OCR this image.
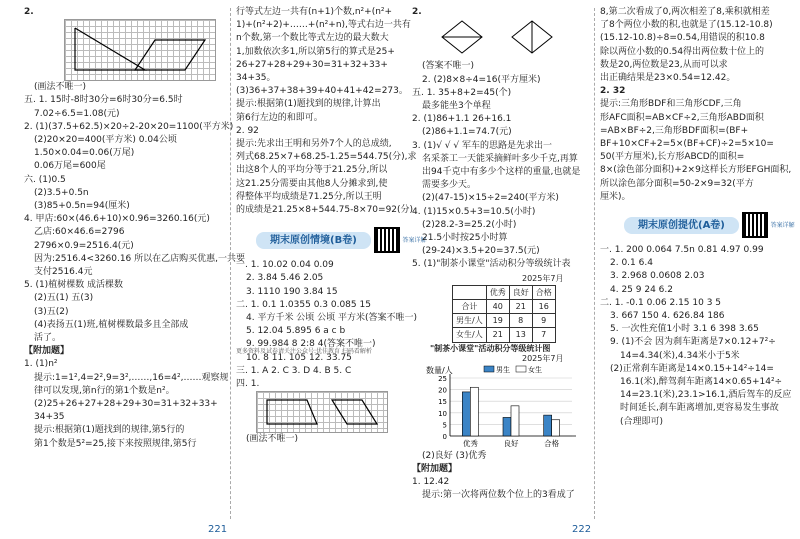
2.
(画法不唯一)
五. 1. 15时-8时30分=6时30分=6.5时
7.02÷6.5=1.08(元)
2. (1)(37.5+62.5)×20÷2-20×20=1100(平方米)
(2)20×20=400(平方米) 0.04公顷
1.50×0.04=0.06(万尾)
0.06万尾=600尾
六. (1)0.5
(2)3.5+0.5n
(3)85+0.5n=94(厘米)
4. 甲店:60×(46.6+10)×0.96=3260.16(元)
乙店:60×46.6=2796
2796×0.9=2516.4(元)
因为:2516.4<3260.16 所以在乙店购买优惠,一共要
支付2516.4元
5. (1)植树棵数 成活棵数
(2)五(1) 五(3)
(3)五(2)
(4)表扬五(1)班,植树棵数最多且全部成
活了。
【附加题】
1. (1)n²
提示:1=1²,4=2²,9=3²,……,16=4²,……观察规
律可以发现,第n行的第1个数是n²。
(2)25+26+27+28+29+30=31+32+33+
34+35
提示:根据第(1)题找到的规律,第5行的
第1个数是5²=25,接下来按照规律,第5行
行等式左边一共有(n+1)个数,n²+(n²+
1)+(n²+2)+……+(n²+n),等式右边一共有
n个数,第一个数比等式左边的最大数大
1,加数依次多1,所以第5行的算式是25+
26+27+28+29+30=31+32+33+
34+35。
(3)36+37+38+39+40+41+42=273。
提示:根据第(1)题找到的规律,计算出
第6行左边的和即可。
2. 92
提示:先求出王明和另外7个人的总成绩,
列式68.25×7+68.25-1.25=544.75(分),求
出这8个人的平均分等于21.25分,所以
这21.25分需要由其他8人分摊求到,使
得整体平均成绩是71.25分,所以王明
的成绩是21.25×8+544.75-8×70=92(分)
期末原创情境(B卷)	答案详解
一. 1. 10.02 0.04 0.09
2. 3.84 5.46 2.05
3. 1110 190 3.84 15
二. 1. 0.1 1.0355 0.3 0.085 15
4. 平方千米 公顷 公顷 平方米(答案不唯一)
5. 12.04 5.895 6 a c b
9. 99.984 8 2:8 4(答案不唯一)
10. 8 11. 105 12. 33.75
三. 1. A 2. C 3. D 4. B 5. C
四. 1.
(画法不唯一)
更多资料及试卷请关注公众号:优佳教育 扫码看解析
221
2.
(答案不唯一)
2. (2)8×8÷4=16(平方厘米)
五. 1. 35+8+2=45(个)
最多能坐3个单程
2. (1)86+1.1 26+16.1
(2)86+1.1=74.7(元)
3. (1)√ √ √ 军车的思路是先求出一
名采茶工一天能采摘鲜叶多少千克,再算
出94千克中有多少个这样的重量,也就是
需要多少天。
(2)(47-15)×15÷2=240(平方米)
4. (1)15×0.5+3=10.5(小时)
(2)28.2-3=25.2(小时)
21.5小时按25小时算
(29-24)×3.5+20=37.5(元)
5. (1)"制茶小课堂"活动积分等级统计表
2025年7月
	优秀	良好	合格
合计	40	21	16
男生/人	19	8	9
女生/人	21	13	7
"制茶小课堂"活动积分等级统计图
2025年7月
数量/人	男生	女生
25
20
15
10
5
0
优秀	良好	合格
(2)良好 (3)优秀
【附加题】
1. 12.42
提示:第一次将两位数个位上的3看成了
8,第二次看成了0,两次相差了8,乘积就相差
了8个两位小数的积,也就是了(15.12-10.8)
(15.12-10.8)÷8=0.54,用错误的积10.8
除以两位小数的0.54得出两位数十位上的
数是20,两位数是23,从而可以求
出正确结果是23×0.54=12.42。
2. 32
提示:三角形BDF和三角形CDF,三角
形AFC面积=AB×CF÷2,三角形ABD面积
=AB×BF÷2,三角形BDF面积=(BF+
BF+10×CF+2=5×(BF+CF)÷2=5×10=
50(平方厘米),长方形ABCD的面积=
8×(涂色部分面积)+2×9这样长方形EFGH面积,
所以涂色部分面积=50-2×9=32(平方
厘米)。
期末原创提优(A卷)	答案详解
一. 1. 200 0.064 7.5n 0.81 4.97 0.99
2. 0.1 6.4
3. 2.968 0.0608 2.03
4. 25 9 24 6.2
二. 1. -0.1 0.06 2.15 10 3 5
3. 667 150 4. 626.84 186
5. 一次性充值1小时 3.1 6 398 3.65
9. (1)不会 因为刹车距离是7×0.12+7²÷
14=4.34(米),4.34米小于5米
(2)正常刹车距离是14×0.15+14²÷14=
16.1(米),醉驾刹车距离14×0.65+14²÷
14=23.1(米),23.1>16.1,酒后驾车的反应
时间延长,刹车距离增加,更容易发生事故
(合理即可)
222
